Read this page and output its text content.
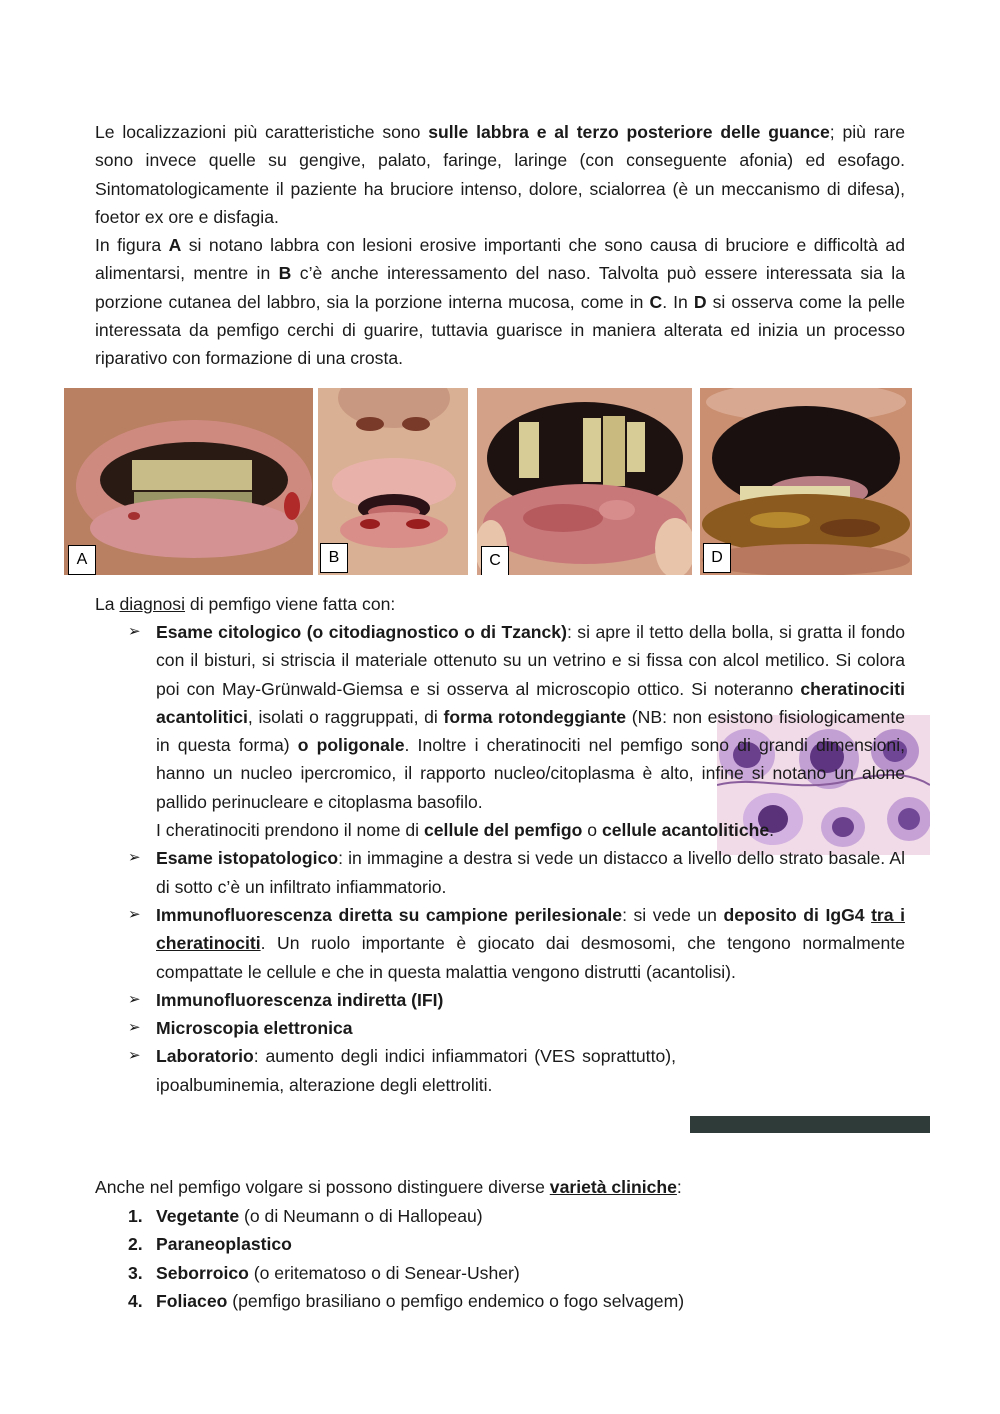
Le localizzazioni più caratteristiche sono sulle labbra e al terzo posteriore delle guance; più rare sono invece quelle su gengive, palato, faringe, laringe (con conseguente afonia) ed esofago. Sintomatologicamente il paziente ha bruciore intenso, dolore, scialorrea (è un meccanismo di difesa), foetor ex ore e disfagia.

In figura A si notano labbra con lesioni erosive importanti che sono causa di bruciore e difficoltà ad alimentarsi, mentre in B c’è anche interessamento del naso. Talvolta può essere interessata sia la porzione cutanea del labbro, sia la porzione interna mucosa, come in C. In D si osserva come la pelle interessata da pemfigo cerchi di guarire, tuttavia guarisce in maniera alterata ed inizia un processo riparativo con formazione di una crosta.

A	B	C	D

La diagnosi di pemfigo viene fatta con:

➢ Esame citologico (o citodiagnostico o di Tzanck): si apre il tetto della bolla, si gratta il fondo con il bisturi, si striscia il materiale ottenuto su un vetrino e si fissa con alcol metilico. Si colora poi con May-Grünwald-Giemsa e si osserva al microscopio ottico. Si noteranno cheratinociti acantolitici, isolati o raggruppati, di forma rotondeggiante (NB: non esistono fisiologicamente in questa forma) o poligonale. Inoltre i cheratinociti nel pemfigo sono di grandi dimensioni, hanno un nucleo ipercromico, il rapporto nucleo/citoplasma è alto, infine si notano un alone pallido perinucleare e citoplasma basofilo.
I cheratinociti prendono il nome di cellule del pemfigo o cellule acantolitiche.
➢ Esame istopatologico: in immagine a destra si vede un distacco a livello dello strato basale. Al di sotto c’è un infiltrato infiammatorio.
➢ Immunofluorescenza diretta su campione perilesionale: si vede un deposito di IgG4 tra i cheratinociti. Un ruolo importante è giocato dai desmosomi, che tengono normalmente compattate le cellule e che in questa malattia vengono distrutti (acantolisi).
➢ Immunofluorescenza indiretta (IFI)
➢ Microscopia elettronica
➢ Laboratorio: aumento degli indici infiammatori (VES soprattutto), ipoalbuminemia, alterazione degli elettroliti.

Anche nel pemfigo volgare si possono distinguere diverse varietà cliniche:

1. Vegetante (o di Neumann o di Hallopeau)
2. Paraneoplastico
3. Seborroico (o eritematoso o di Senear-Usher)
4. Foliaceo (pemfigo brasiliano o pemfigo endemico o fogo selvagem)
